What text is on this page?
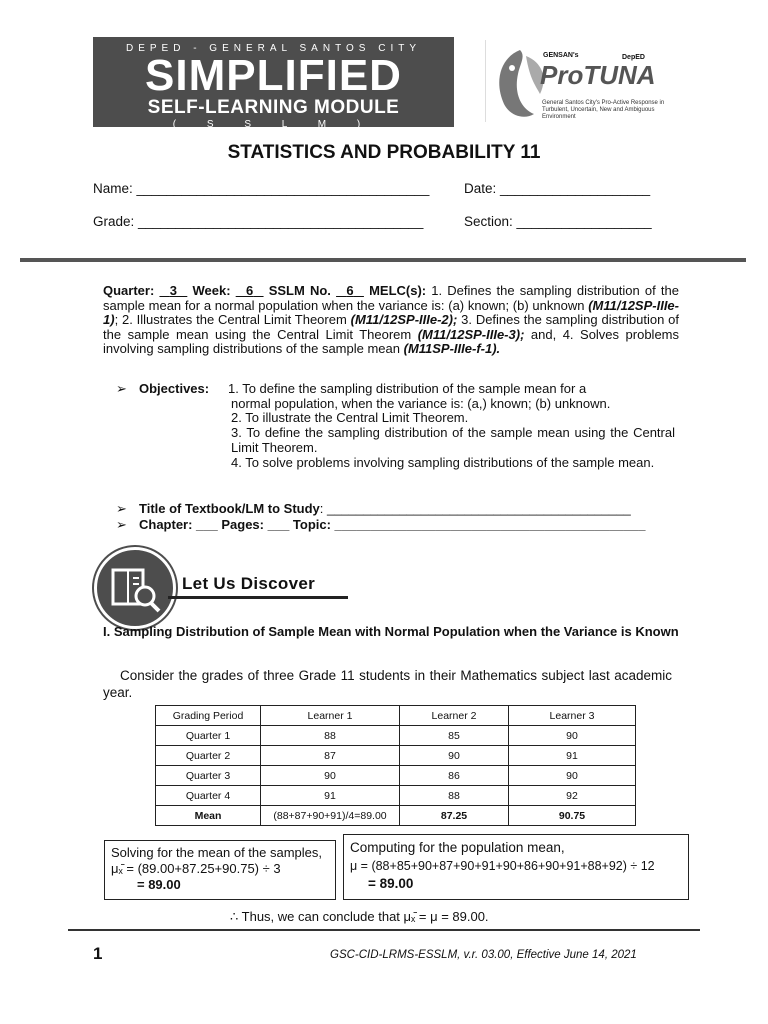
DEPED - GENERAL SANTOS CITY
SIMPLIFIED
SELF-LEARNING MODULE
( S S L M )
GENSAN's	DepED
ProTUNA
General Santos City's Pro-Active Response in Turbulent, Uncertain, New and Ambiguous Environment
STATISTICS AND PROBABILITY 11
Name: _______________________________________	Date: ____________________
Grade: ______________________________________	Section: __________________
Quarter: 3 Week: 6 SSLM No. 6 MELC(s): 1. Defines the sampling distribution of the sample mean for a normal population when the variance is: (a) known; (b) unknown (M11/12SP-IIIe-1); 2. Illustrates the Central Limit Theorem (M11/12SP-IIIe-2); 3. Defines the sampling distribution of the sample mean using the Central Limit Theorem (M11/12SP-IIIe-3); and, 4. Solves problems involving sampling distributions of the sample mean (M11SP-IIIe-f-1).
➢ Objectives: 1. To define the sampling distribution of the sample mean for a
normal population, when the variance is: (a,) known; (b) unknown.
2. To illustrate the Central Limit Theorem.
3. To define the sampling distribution of the sample mean using the Central Limit Theorem.
4. To solve problems involving sampling distributions of the sample mean.
➢ Title of Textbook/LM to Study: __________________________________________
➢ Chapter: ___ Pages: ___ Topic: ___________________________________________
Let Us Discover
I. Sampling Distribution of Sample Mean with Normal Population when the Variance is Known
Consider the grades of three Grade 11 students in their Mathematics subject last academic year.
Grading Period	Learner 1	Learner 2	Learner 3
Quarter 1	88	85	90
Quarter 2	87	90	91
Quarter 3	90	86	90
Quarter 4	91	88	92
Mean	(88+87+90+91)/4=89.00	87.25	90.75
Solving for the mean of the samples,
μₓ̄ = (89.00+87.25+90.75) ÷ 3
= 89.00
Computing for the population mean,
μ = (88+85+90+87+90+91+90+86+90+91+88+92) ÷ 12
= 89.00
∴ Thus, we can conclude that μₓ̄ = μ = 89.00.
1	GSC-CID-LRMS-ESSLM, v.r. 03.00, Effective June 14, 2021
